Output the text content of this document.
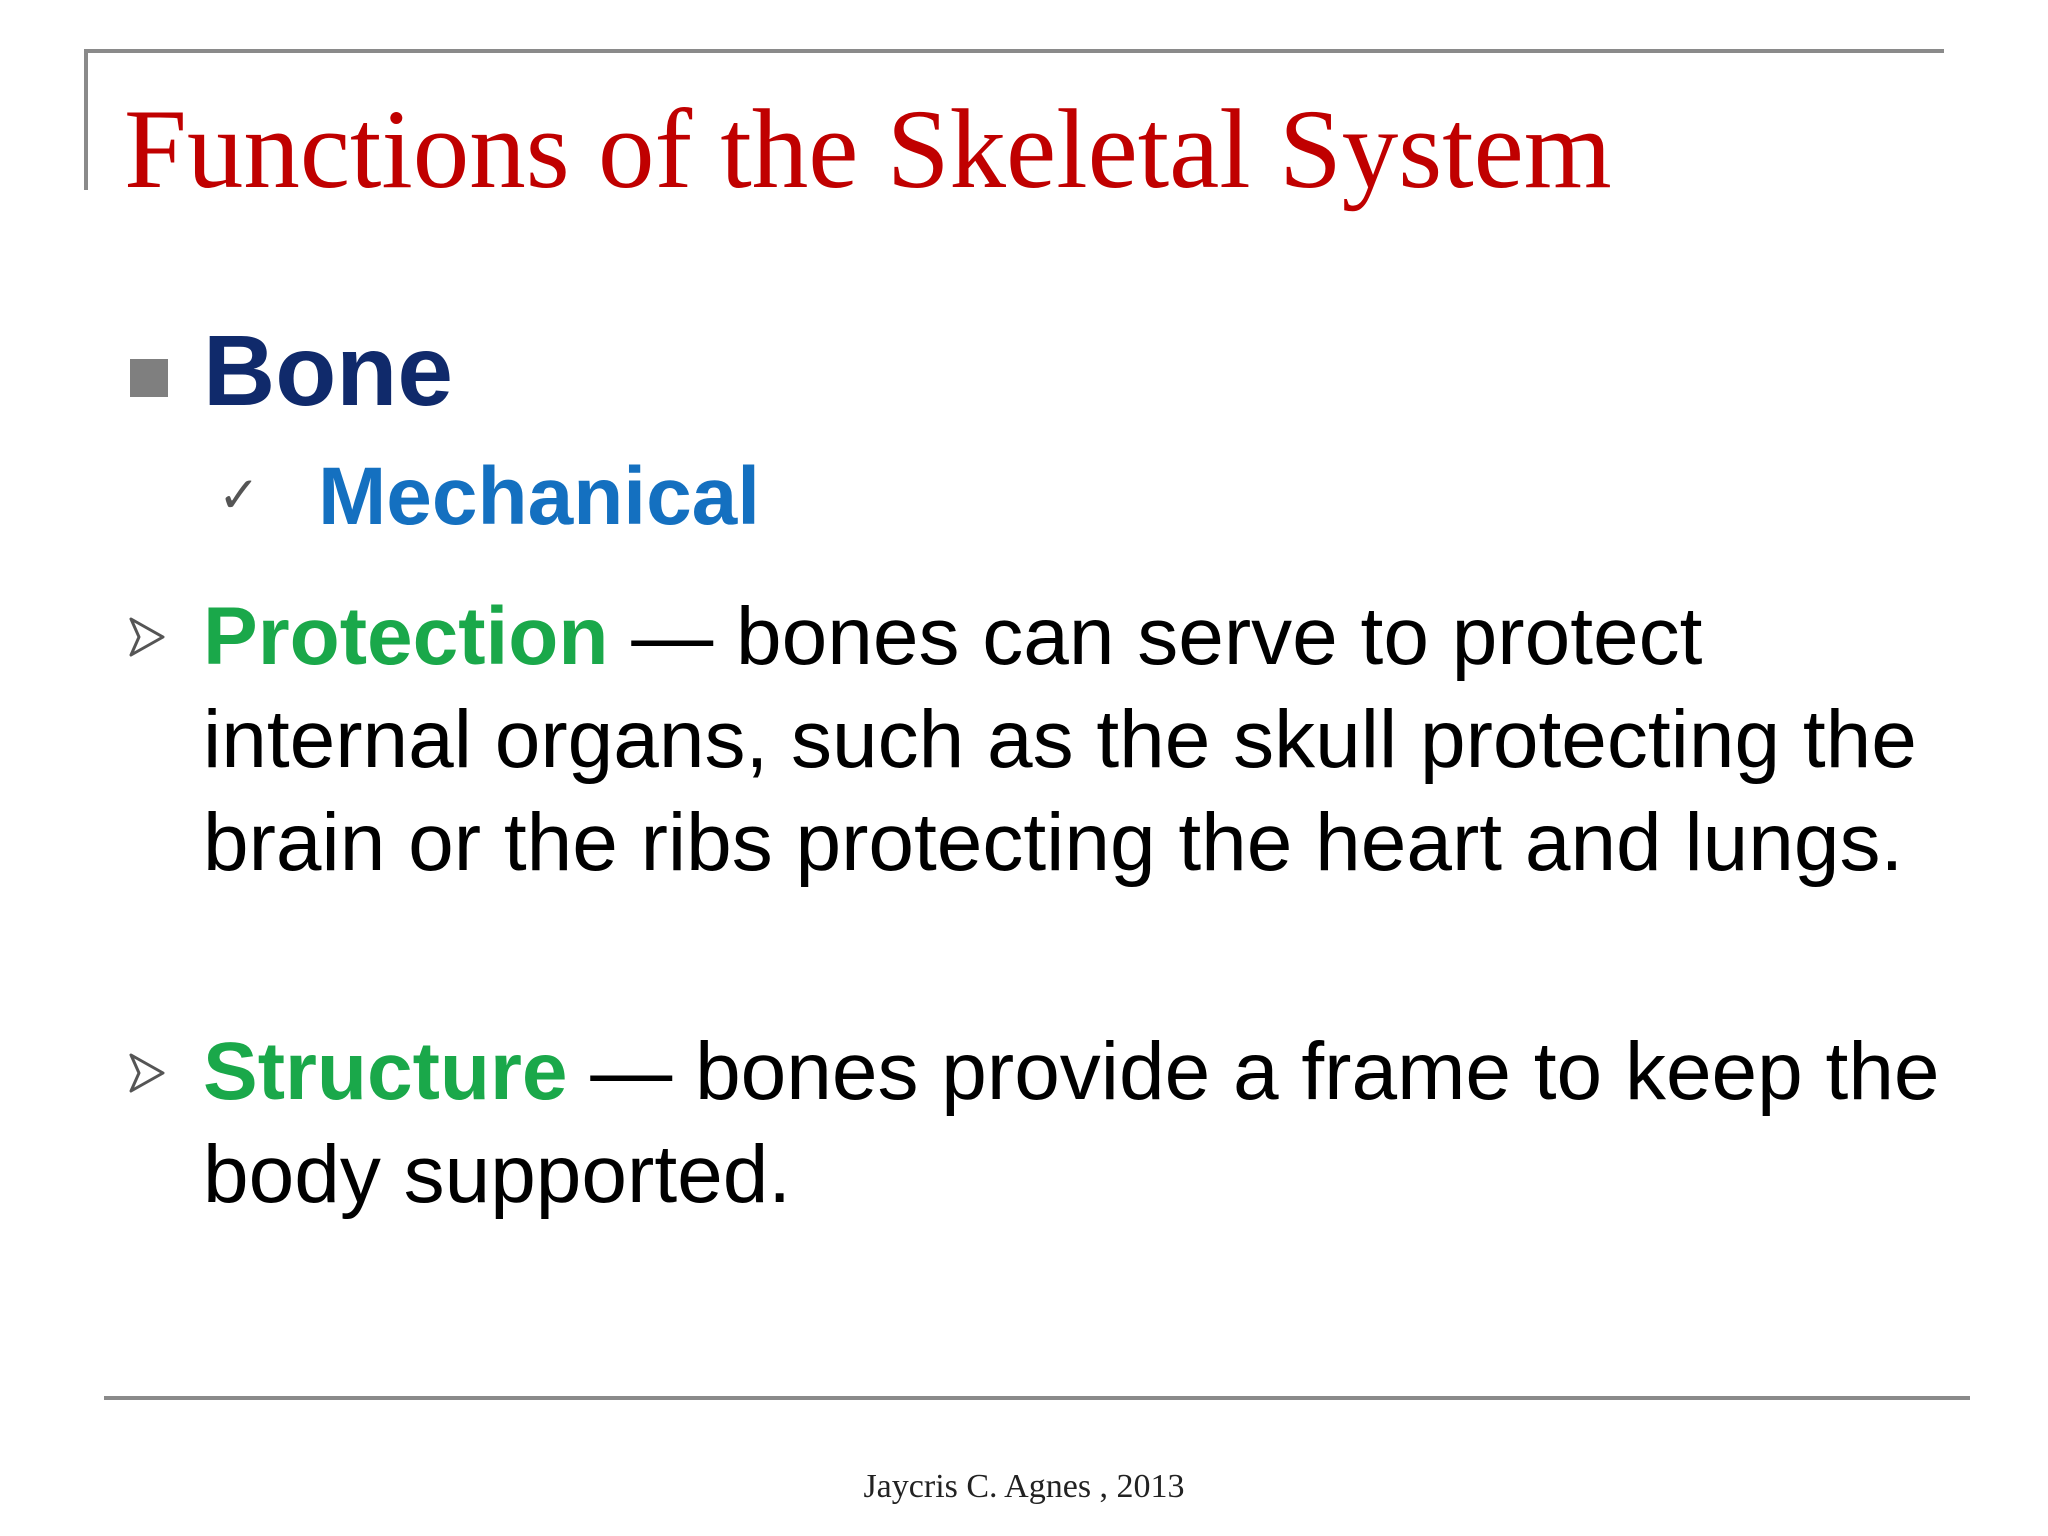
Functions of the Skeletal System
Bone
✓ Mechanical

Protection — bones can serve to protect internal organs, such as the skull protecting the brain or the ribs protecting the heart and lungs.

Structure — bones provide a frame to keep the body supported.

Jaycris C. Agnes , 2013
